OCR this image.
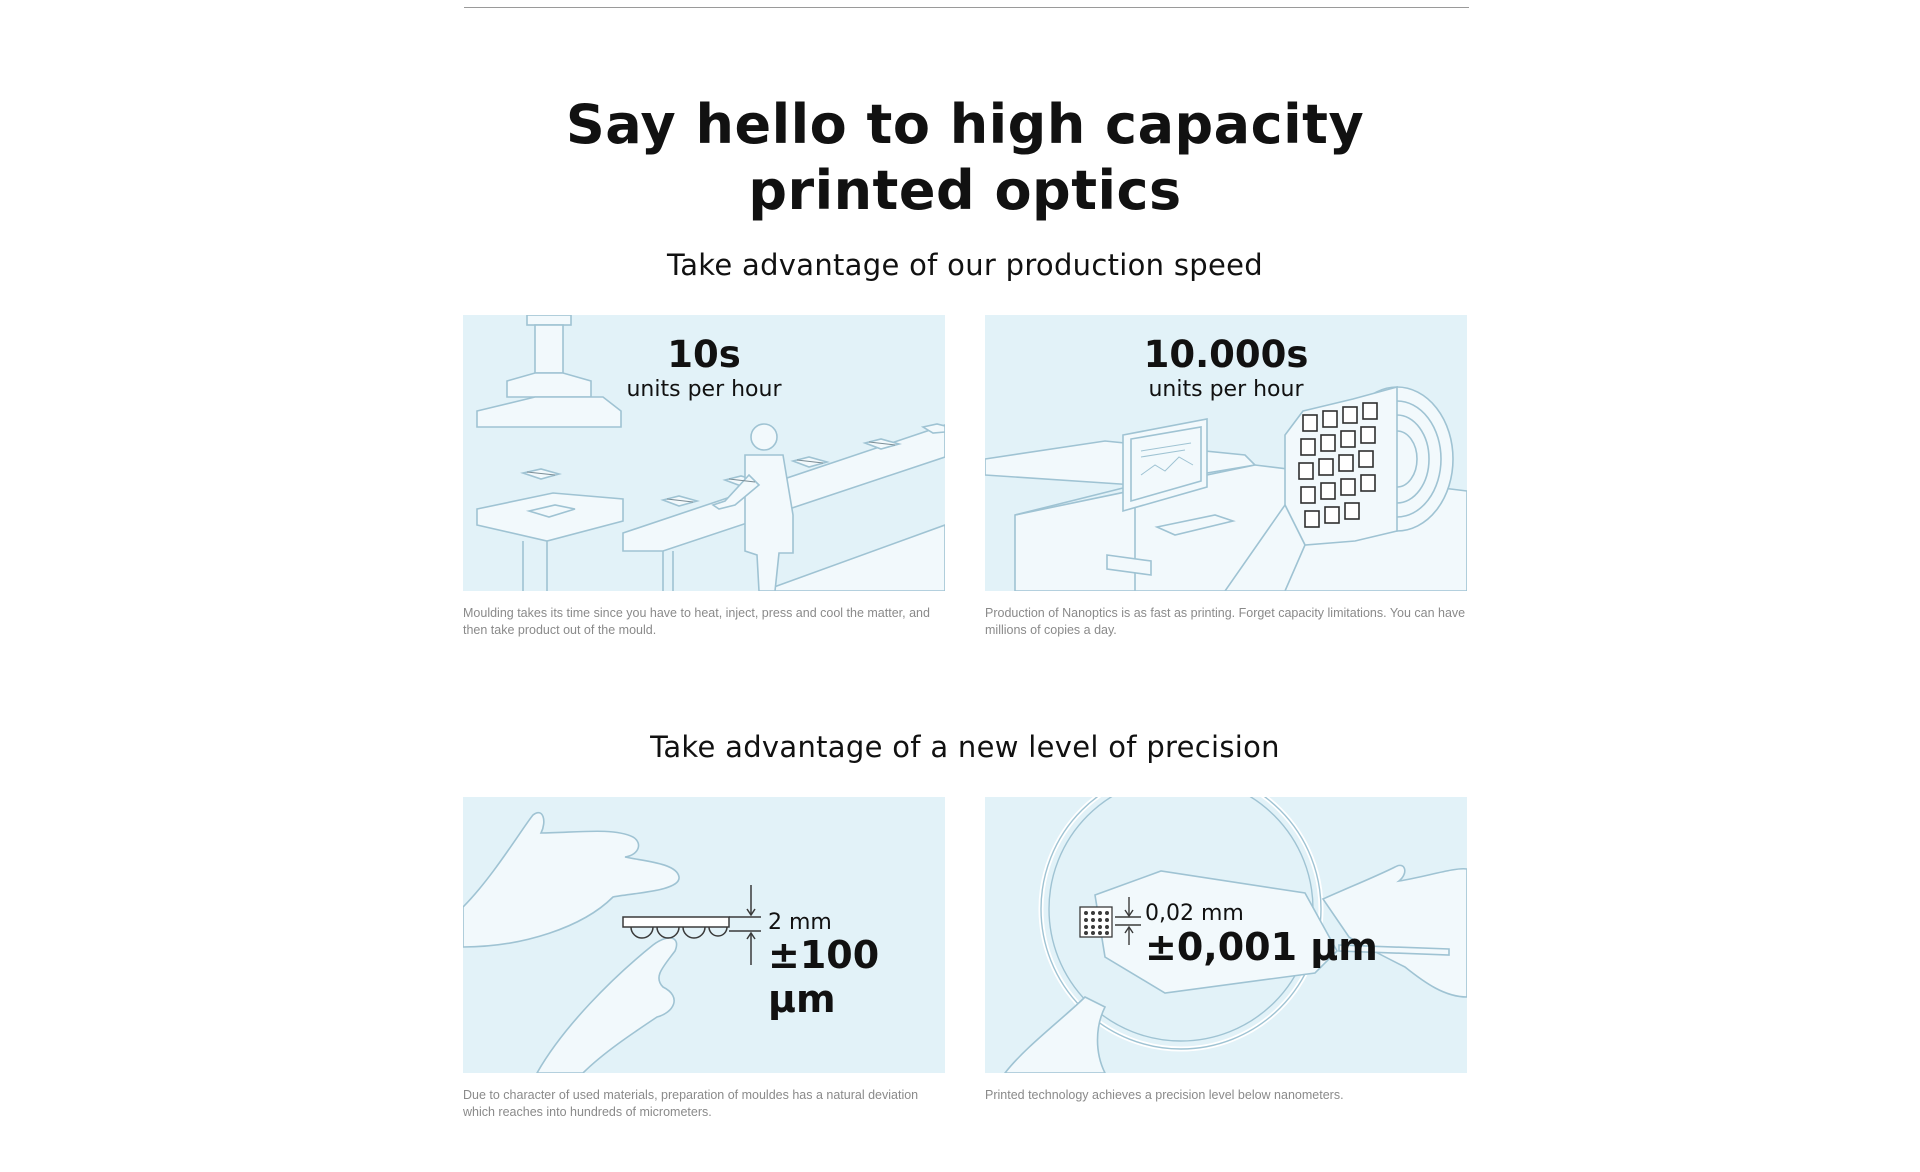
Say hello to high capacity
printed optics
Take advantage of our production speed
10s
units per hour

Moulding takes its time since you have to heat, inject, press and cool the matter, and then take product out of the mould.

10.000s
units per hour

Production of Nanoptics is as fast as printing. Forget capacity limitations. You can have millions of copies a day.

Take advantage of a new level of precision
2 mm
±100 µm

Due to character of used materials, preparation of mouldes has a natural deviation which reaches into hundreds of micrometers.

0,02 mm
±0,001 µm

Printed technology achieves a precision level below nanometers.
